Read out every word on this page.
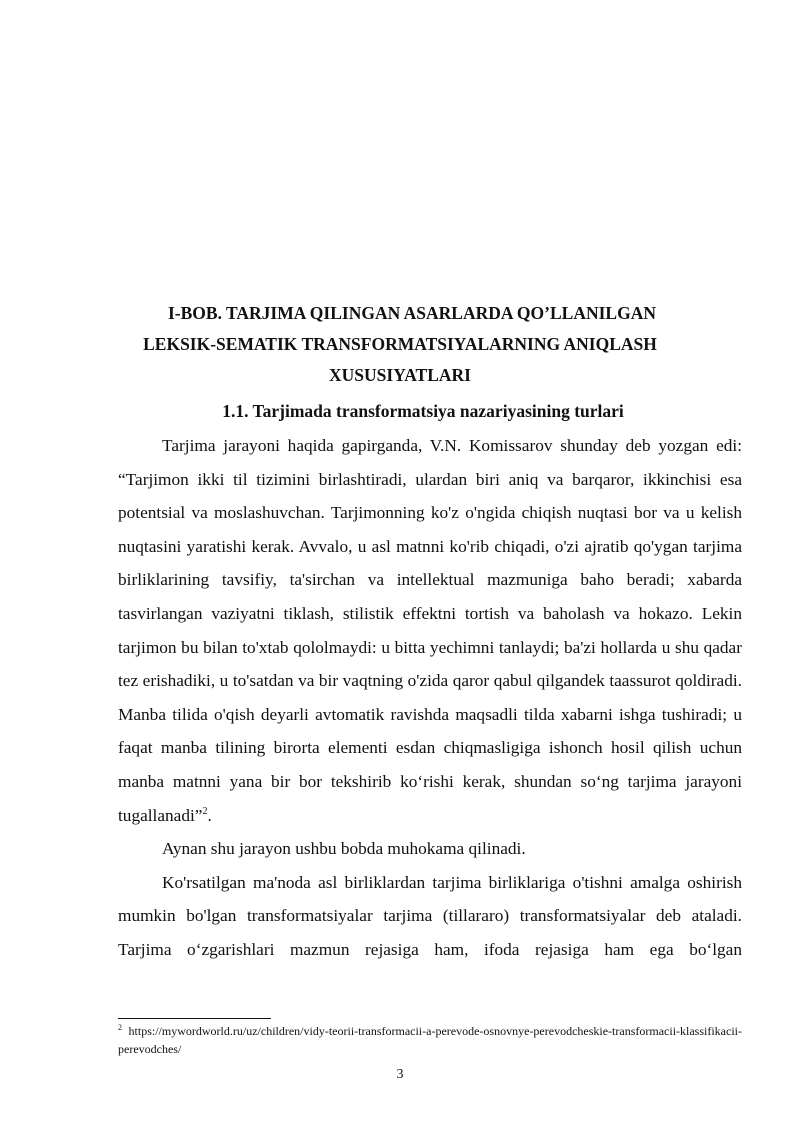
I-BOB. TARJIMA QILINGAN ASARLARDA QO’LLANILGAN
LEKSIK-SEMATIK TRANSFORMATSIYALARNING ANIQLASH
XUSUSIYATLARI
1.1. Tarjimada transformatsiya nazariyasining turlari

Tarjima jarayoni haqida gapirganda, V.N. Komissarov shunday deb yozgan edi: “Tarjimon ikki til tizimini birlashtiradi, ulardan biri aniq va barqaror, ikkinchisi esa potentsial va moslashuvchan. Tarjimonning ko'z o'ngida chiqish nuqtasi bor va u kelish nuqtasini yaratishi kerak. Avvalo, u asl matnni ko'rib chiqadi, o'zi ajratib qo'ygan tarjima birliklarining tavsifiy, ta'sirchan va intellektual mazmuniga baho beradi; xabarda tasvirlangan vaziyatni tiklash, stilistik effektni tortish va baholash va hokazo. Lekin tarjimon bu bilan to'xtab qololmaydi: u bitta yechimni tanlaydi; ba'zi hollarda u shu qadar tez erishadiki, u to'satdan va bir vaqtning o'zida qaror qabul qilgandek taassurot qoldiradi. Manba tilida o'qish deyarli avtomatik ravishda maqsadli tilda xabarni ishga tushiradi; u faqat manba tilining birorta elementi esdan chiqmasligiga ishonch hosil qilish uchun manba matnni yana bir bor tekshirib ko‘rishi kerak, shundan so‘ng tarjima jarayoni tugallanadi”$^2$.

Aynan shu jarayon ushbu bobda muhokama qilinadi.

Ko'rsatilgan ma'noda asl birliklardan tarjima birliklariga o'tishni amalga oshirish mumkin bo'lgan transformatsiyalar tarjima (tillararo) transformatsiyalar deb ataladi. Tarjima o‘zgarishlari mazmun rejasiga ham, ifoda rejasiga ham ega bo‘lgan

$^2$ https://mywordworld.ru/uz/children/vidy-teorii-transformacii-a-perevode-osnovnye-perevodcheskie-transformacii-klassifikacii-perevodches/
3
